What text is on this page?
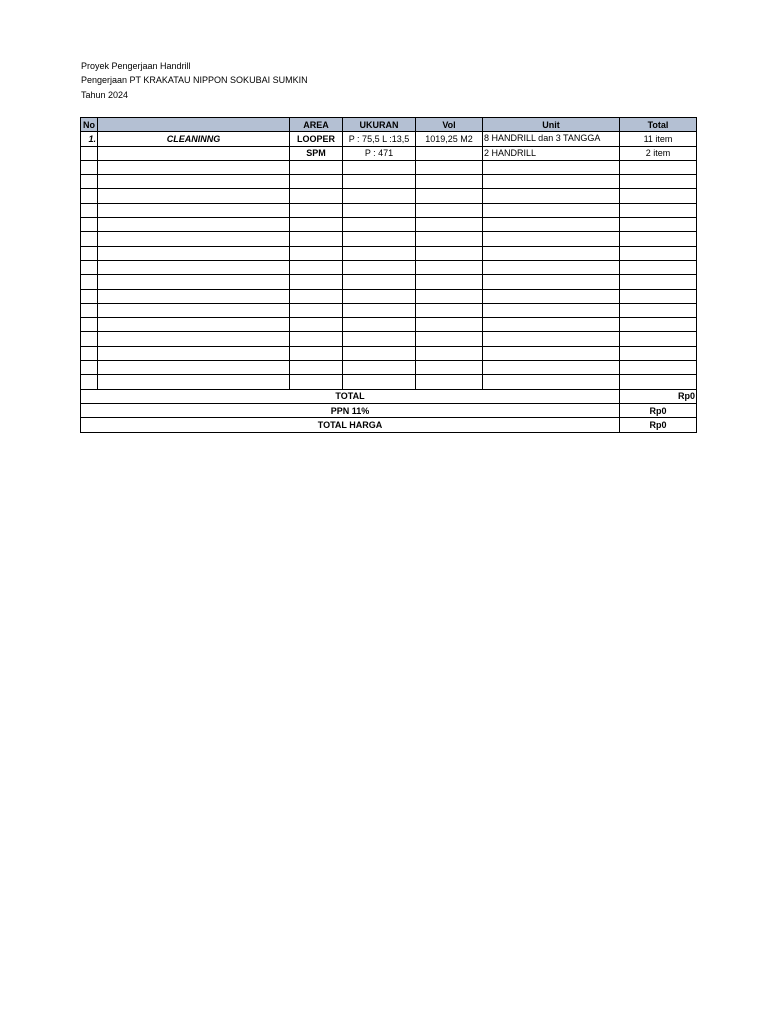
Proyek Pengerjaan Handrill
Pengerjaan PT KRAKATAU NIPPON SOKUBAI SUMKIN
Tahun 2024
No		AREA	UKURAN	Vol	Unit	Total
1.	CLEANINNG	LOOPER	P : 75,5 L :13,5	1019,25 M2	8 HANDRILL dan 3 TANGGA	11 item
		SPM	P : 471		2 HANDRILL	2 item

TOTAL						Rp0
PPN 11%						Rp0
TOTAL HARGA						Rp0
